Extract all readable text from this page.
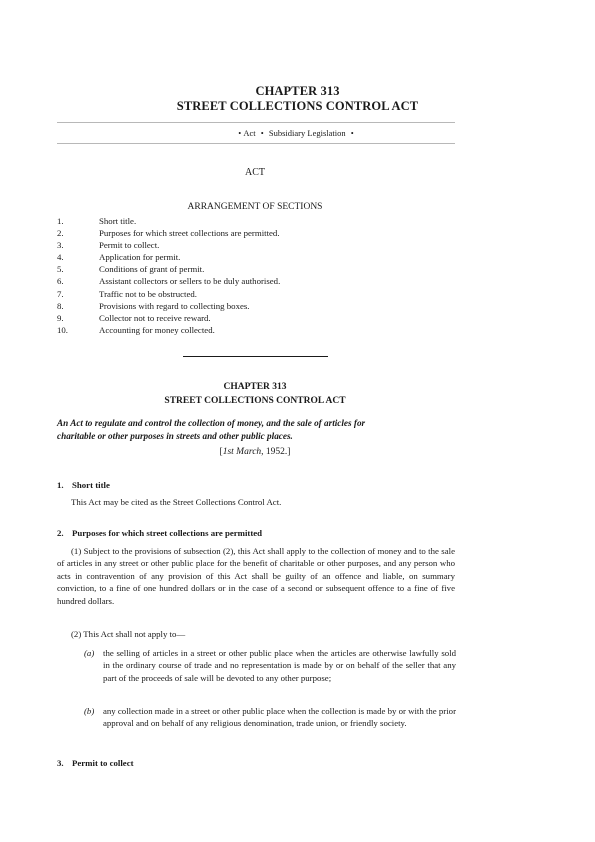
CHAPTER 313
STREET COLLECTIONS CONTROL ACT
• Act • Subsidiary Legislation •
ACT
ARRANGEMENT OF SECTIONS
1.	Short title.
2.	Purposes for which street collections are permitted.
3.	Permit to collect.
4.	Application for permit.
5.	Conditions of grant of permit.
6.	Assistant collectors or sellers to be duly authorised.
7.	Traffic not to be obstructed.
8.	Provisions with regard to collecting boxes.
9.	Collector not to receive reward.
10.	Accounting for money collected.
CHAPTER 313
STREET COLLECTIONS CONTROL ACT
An Act to regulate and control the collection of money, and the sale of articles for
charitable or other purposes in streets and other public places.
[1st March, 1952.]
1. Short title
This Act may be cited as the Street Collections Control Act.
2. Purposes for which street collections are permitted
(1) Subject to the provisions of subsection (2), this Act shall apply to the collection of money and to the sale of articles in any street or other public place for the benefit of charitable or other purposes, and any person who acts in contravention of any provision of this Act shall be guilty of an offence and liable, on summary conviction, to a fine of one hundred dollars or in the case of a second or subsequent offence to a fine of five hundred dollars.
(2) This Act shall not apply to—
(a) the selling of articles in a street or other public place when the articles are otherwise lawfully sold in the ordinary course of trade and no representation is made by or on behalf of the seller that any part of the proceeds of sale will be devoted to any other purpose;
(b) any collection made in a street or other public place when the collection is made by or with the prior approval and on behalf of any religious denomination, trade union, or friendly society.
3. Permit to collect
